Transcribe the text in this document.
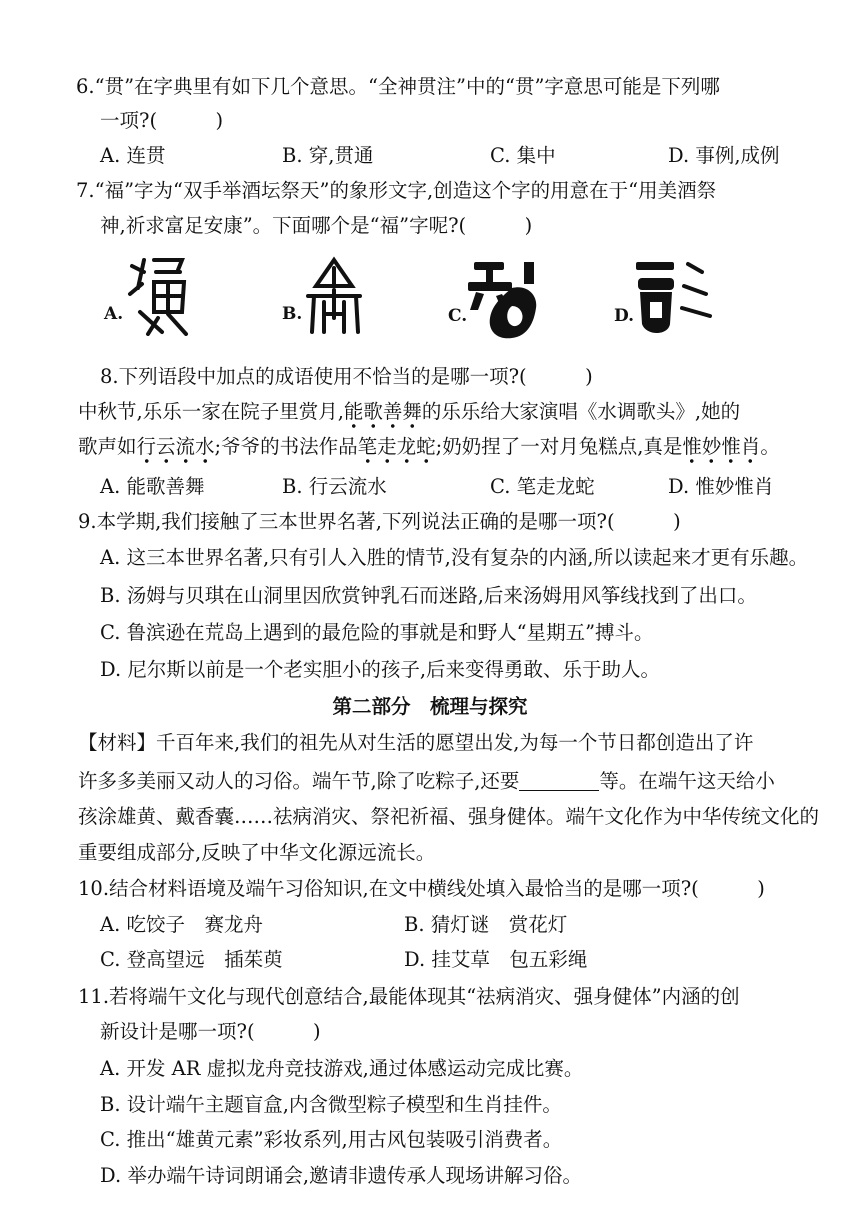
6.“贯”在字典里有如下几个意思。“全神贯注”中的“贯”字意思可能是下列哪
一项?(　　　)
A. 连贯	B. 穿,贯通	C. 集中	D. 事例,成例
7.“福”字为“双手举酒坛祭天”的象形文字,创造这个字的用意在于“用美酒祭
神,祈求富足安康”。下面哪个是“福”字呢?(　　　)
A.	B.	C.	D.
8.下列语段中加点的成语使用不恰当的是哪一项?(　　　)
中秋节,乐乐一家在院子里赏月,能歌善舞的乐乐给大家演唱《水调歌头》,她的
歌声如行云流水;爷爷的书法作品笔走龙蛇;奶奶捏了一对月兔糕点,真是惟妙惟肖。
A. 能歌善舞	B. 行云流水	C. 笔走龙蛇	D. 惟妙惟肖
9.本学期,我们接触了三本世界名著,下列说法正确的是哪一项?(　　　)
A. 这三本世界名著,只有引人入胜的情节,没有复杂的内涵,所以读起来才更有乐趣。
B. 汤姆与贝琪在山洞里因欣赏钟乳石而迷路,后来汤姆用风筝线找到了出口。
C. 鲁滨逊在荒岛上遇到的最危险的事就是和野人“星期五”搏斗。
D. 尼尔斯以前是一个老实胆小的孩子,后来变得勇敢、乐于助人。
第二部分　梳理与探究
【材料】千百年来,我们的祖先从对生活的愿望出发,为每一个节日都创造出了许
许多多美丽又动人的习俗。端午节,除了吃粽子,还要	等。在端午这天给小
孩涂雄黄、戴香囊……祛病消灾、祭祀祈福、强身健体。端午文化作为中华传统文化的
重要组成部分,反映了中华文化源远流长。
10.结合材料语境及端午习俗知识,在文中横线处填入最恰当的是哪一项?(　　　)
A. 吃饺子　赛龙舟	B. 猜灯谜　赏花灯
C. 登高望远　插茱萸	D. 挂艾草　包五彩绳
11.若将端午文化与现代创意结合,最能体现其“祛病消灾、强身健体”内涵的创
新设计是哪一项?(　　　)
A. 开发 AR 虚拟龙舟竞技游戏,通过体感运动完成比赛。
B. 设计端午主题盲盒,内含微型粽子模型和生肖挂件。
C. 推出“雄黄元素”彩妆系列,用古风包装吸引消费者。
D. 举办端午诗词朗诵会,邀请非遗传承人现场讲解习俗。
